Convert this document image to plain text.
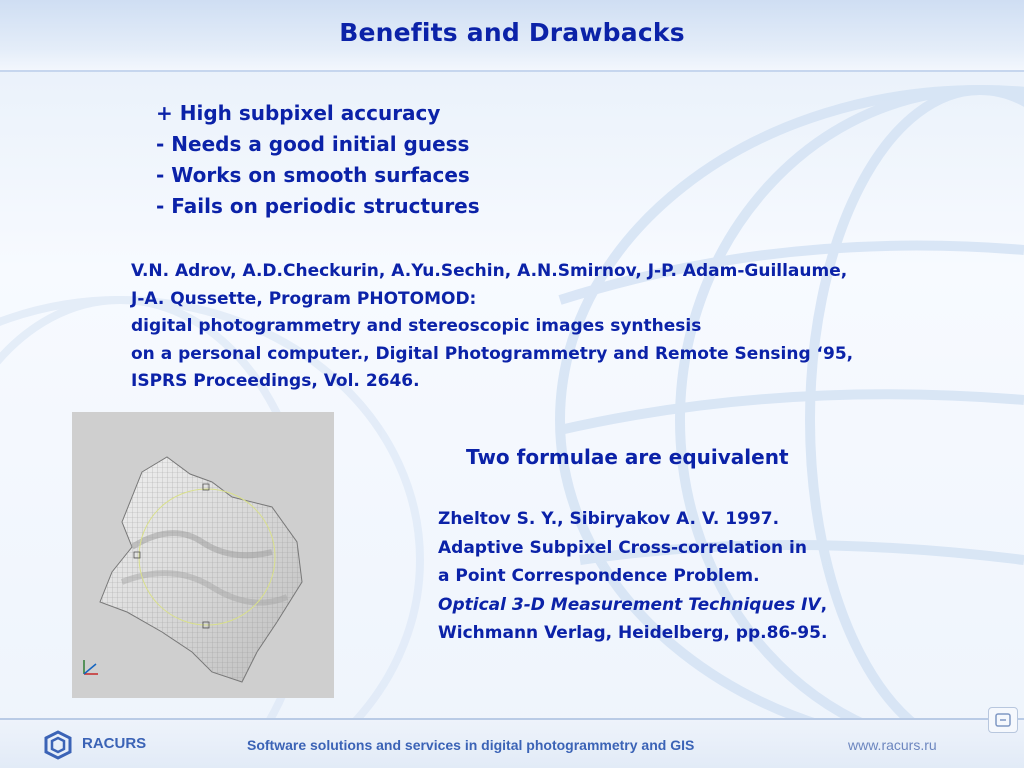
Benefits and Drawbacks
+ High subpixel accuracy
- Needs a good initial guess
- Works on smooth surfaces
- Fails on periodic structures
V.N. Adrov, A.D.Checkurin, A.Yu.Sechin, A.N.Smirnov, J-P. Adam-Guillaume,
J-A. Qussette, Program PHOTOMOD:
digital photogrammetry and stereoscopic images synthesis
on a personal computer., Digital Photogrammetry and Remote Sensing ‘95,
ISPRS Proceedings, Vol. 2646.
Two formulae are equivalent
Zheltov S. Y., Sibiryakov A. V. 1997.
Adaptive Subpixel Cross-correlation in
a Point Correspondence Problem.
Optical 3-D Measurement Techniques IV,
Wichmann Verlag, Heidelberg, pp.86-95.
RACURS	Software solutions and services in digital photogrammetry and GIS	www.racurs.ru
